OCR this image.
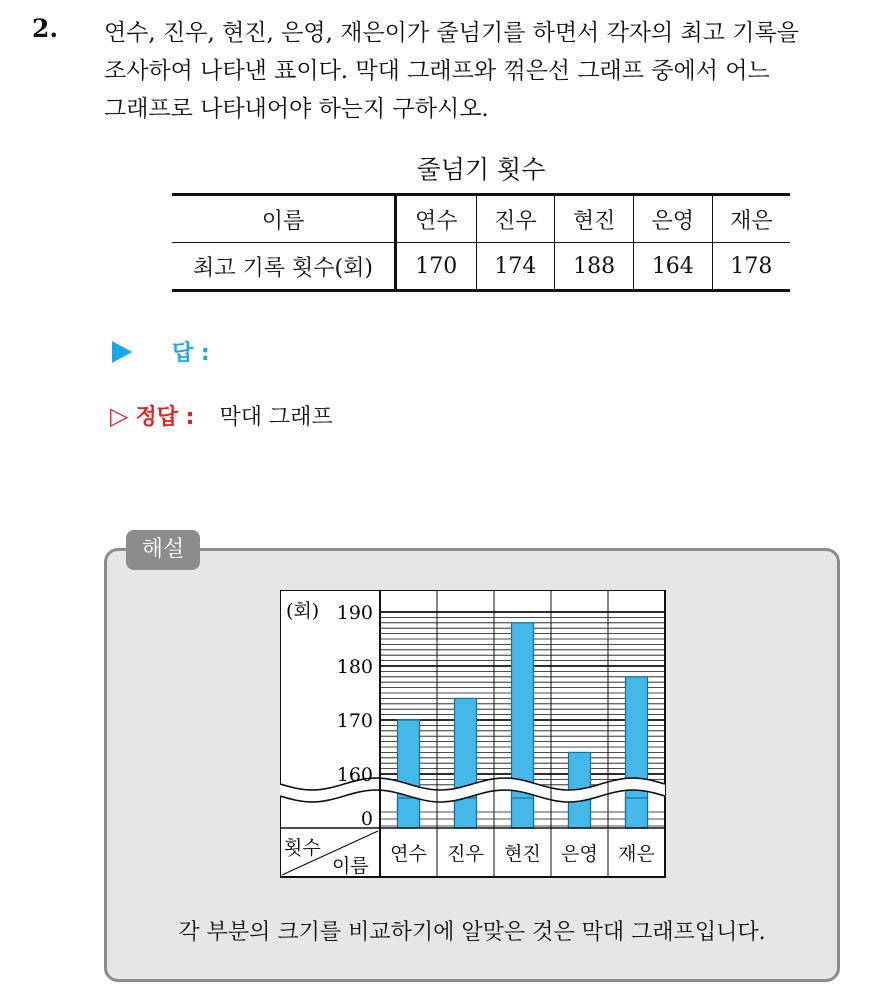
2. 연수, 진우, 현진, 은영, 재은이가 줄넘기를 하면서 각자의 최고 기록을
조사하여 나타낸 표이다. 막대 그래프와 꺾은선 그래프 중에서 어느
그래프로 나타내어야 하는지 구하시오.
줄넘기 횟수
이름	연수	진우	현진	은영	재은
최고 기록 횟수(회)	170	174	188	164	178
답 :
▷ 정답 : 막대 그래프
해설
(회)
횟수
이름
190
180
170
160
0
연수 진우 현진 은영 재은
각 부분의 크기를 비교하기에 알맞은 것은 막대 그래프입니다.
